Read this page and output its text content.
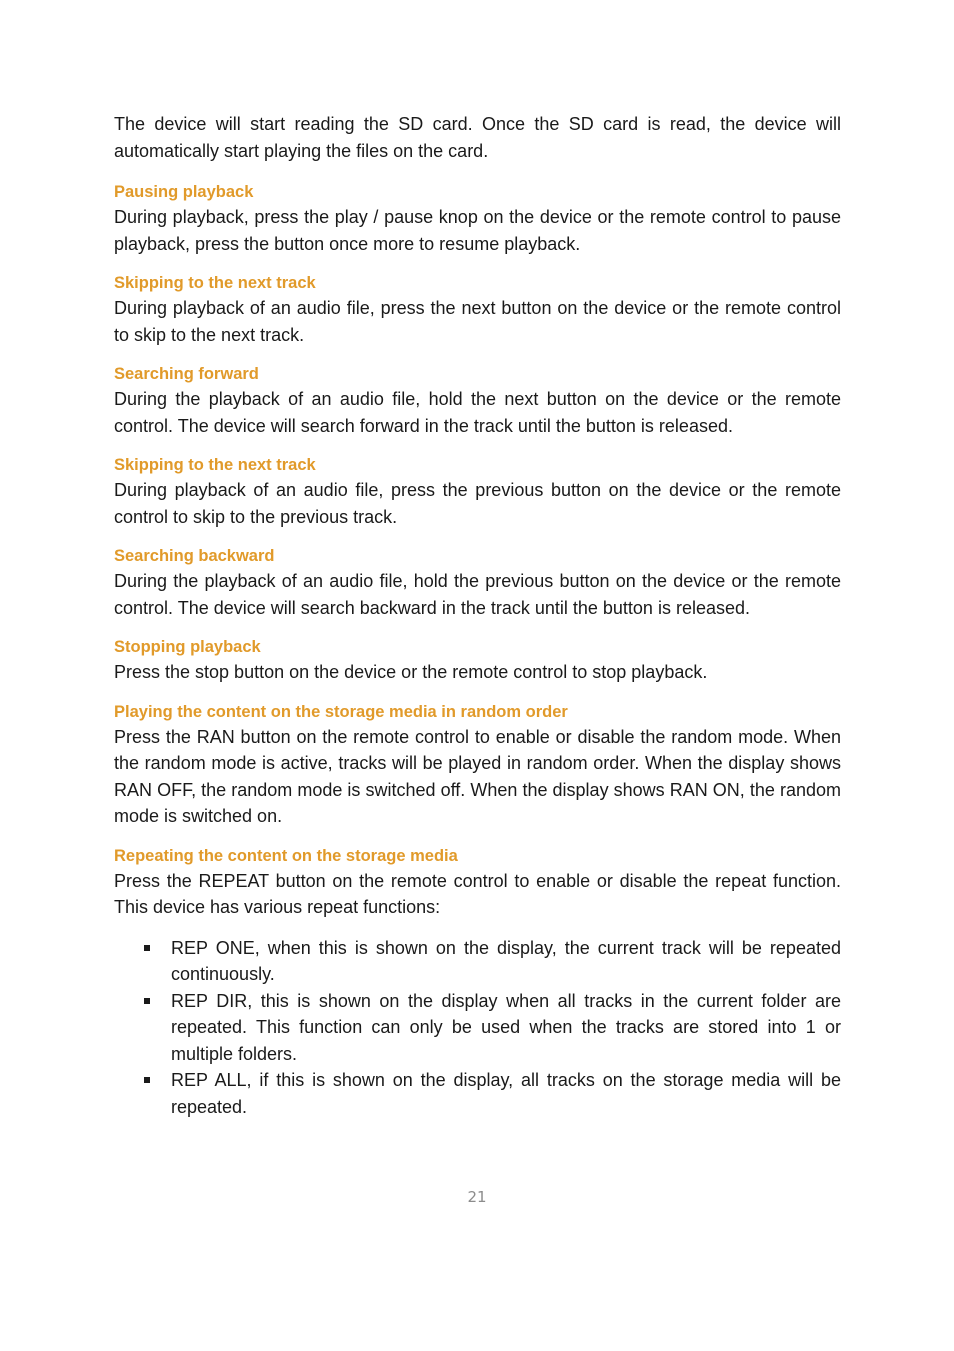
The device will start reading the SD card. Once the SD card is read, the device will automatically start playing the files on the card.

Pausing playback

During playback, press the play / pause knop on the device or the remote control to pause playback, press the button once more to resume playback.

Skipping to the next track

During playback of an audio file, press the next button on the device or the remote control to skip to the next track.

Searching forward

During the playback of an audio file, hold the next button on the device or the remote control. The device will search forward in the track until the button is released.

Skipping to the next track

During playback of an audio file, press the previous button on the device or the remote control to skip to the previous track.

Searching backward

During the playback of an audio file, hold the previous button on the device or the remote control. The device will search backward in the track until the button is released.

Stopping playback

Press the stop button on the device or the remote control to stop playback.

Playing the content on the storage media in random order

Press the RAN button on the remote control to enable or disable the random mode. When the random mode is active, tracks will be played in random order. When the display shows RAN OFF, the random mode is switched off. When the display shows RAN ON, the random mode is switched on.

Repeating the content on the storage media

Press the REPEAT button on the remote control to enable or disable the repeat function. This device has various repeat functions:

REP ONE, when this is shown on the display, the current track will be repeated continuously.
REP DIR, this is shown on the display when all tracks in the current folder are repeated. This function can only be used when the tracks are stored into 1 or multiple folders.
REP ALL, if this is shown on the display, all tracks on the storage media will be repeated.
21
